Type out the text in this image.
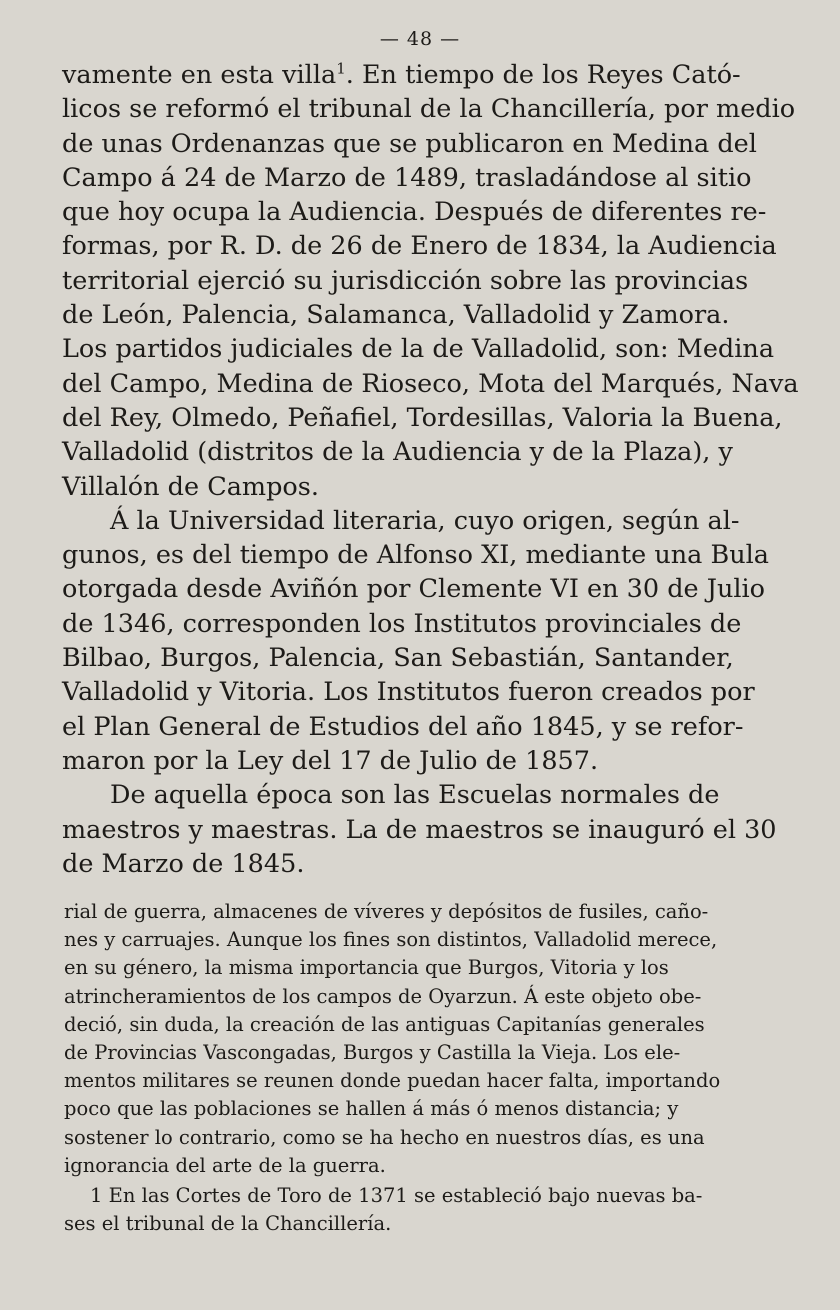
— 48 —
vamente en esta villa$^1$. En tiempo de los Reyes Cató-
licos se reformó el tribunal de la Chancillería, por medio
de unas Ordenanzas que se publicaron en Medina del
Campo á 24 de Marzo de 1489, trasladándose al sitio
que hoy ocupa la Audiencia. Después de diferentes re-
formas, por R. D. de 26 de Enero de 1834, la Audiencia
territorial ejerció su jurisdicción sobre las provincias
de León, Palencia, Salamanca, Valladolid y Zamora.
Los partidos judiciales de la de Valladolid, son: Medina
del Campo, Medina de Rioseco, Mota del Marqués, Nava
del Rey, Olmedo, Peñafiel, Tordesillas, Valoria la Buena,
Valladolid (distritos de la Audiencia y de la Plaza), y
Villalón de Campos.
Á la Universidad literaria, cuyo origen, según al-
gunos, es del tiempo de Alfonso XI, mediante una Bula
otorgada desde Aviñón por Clemente VI en 30 de Julio
de 1346, corresponden los Institutos provinciales de
Bilbao, Burgos, Palencia, San Sebastián, Santander,
Valladolid y Vitoria. Los Institutos fueron creados por
el Plan General de Estudios del año 1845, y se refor-
maron por la Ley del 17 de Julio de 1857.
De aquella época son las Escuelas normales de
maestros y maestras. La de maestros se inauguró el 30
de Marzo de 1845.
rial de guerra, almacenes de víveres y depósitos de fusiles, caño-
nes y carruajes. Aunque los fines son distintos, Valladolid merece,
en su género, la misma importancia que Burgos, Vitoria y los
atrincheramientos de los campos de Oyarzun. Á este objeto obe-
deció, sin duda, la creación de las antiguas Capitanías generales
de Provincias Vascongadas, Burgos y Castilla la Vieja. Los ele-
mentos militares se reunen donde puedan hacer falta, importando
poco que las poblaciones se hallen á más ó menos distancia; y
sostener lo contrario, como se ha hecho en nuestros días, es una
ignorancia del arte de la guerra.
1 En las Cortes de Toro de 1371 se estableció bajo nuevas ba-
ses el tribunal de la Chancillería.
